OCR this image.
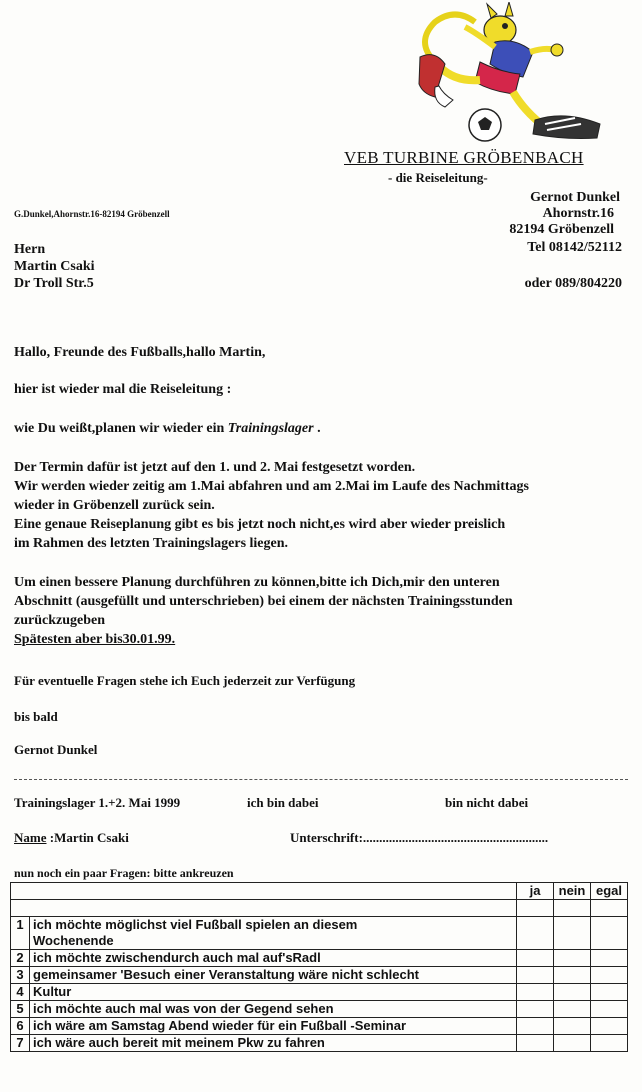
VEB TURBINE GRÖBENBACH
- die Reiseleitung-
G.Dunkel,Ahornstr.16-82194 Gröbenzell
Gernot Dunkel
Ahornstr.16
82194 Gröbenzell
Tel 08142/52112
oder 089/804220
Hern
Martin Csaki
Dr Troll Str.5
Hallo, Freunde des Fußballs,hallo Martin,
hier ist wieder mal die Reiseleitung :
wie Du weißt,planen wir wieder ein Trainingslager .
Der Termin dafür ist jetzt auf den 1. und 2. Mai festgesetzt worden.
Wir werden wieder zeitig am 1.Mai abfahren und am 2.Mai im Laufe des Nachmittags
wieder in Gröbenzell zurück sein.
Eine genaue Reiseplanung gibt es bis jetzt noch nicht,es wird aber wieder preislich
im Rahmen des letzten Trainingslagers liegen.
Um einen bessere Planung durchführen zu können,bitte ich Dich,mir den unteren
Abschnitt (ausgefüllt und unterschrieben) bei einem der nächsten Trainingsstunden
zurückzugeben
Spätesten aber bis30.01.99.
Für eventuelle Fragen stehe ich Euch jederzeit zur Verfügung
bis bald
Gernot Dunkel
Trainingslager 1.+2. Mai 1999	ich bin dabei	bin nicht dabei
Name :Martin Csaki	Unterschrift:.........................................................
nun noch ein paar Fragen: bitte ankreuzen
		ja	nein	egal

1	ich möchte möglichst viel Fußball spielen an diesem
Wochenende			

2	ich möchte zwischendurch auch mal auf'sRadl			
3	gemeinsamer 'Besuch einer Veranstaltung wäre nicht schlecht			
4	Kultur			
5	ich möchte auch mal was von der Gegend sehen			
6	ich wäre am Samstag Abend wieder für ein Fußball -Seminar			
7	ich wäre auch bereit mit meinem Pkw zu fahren			
